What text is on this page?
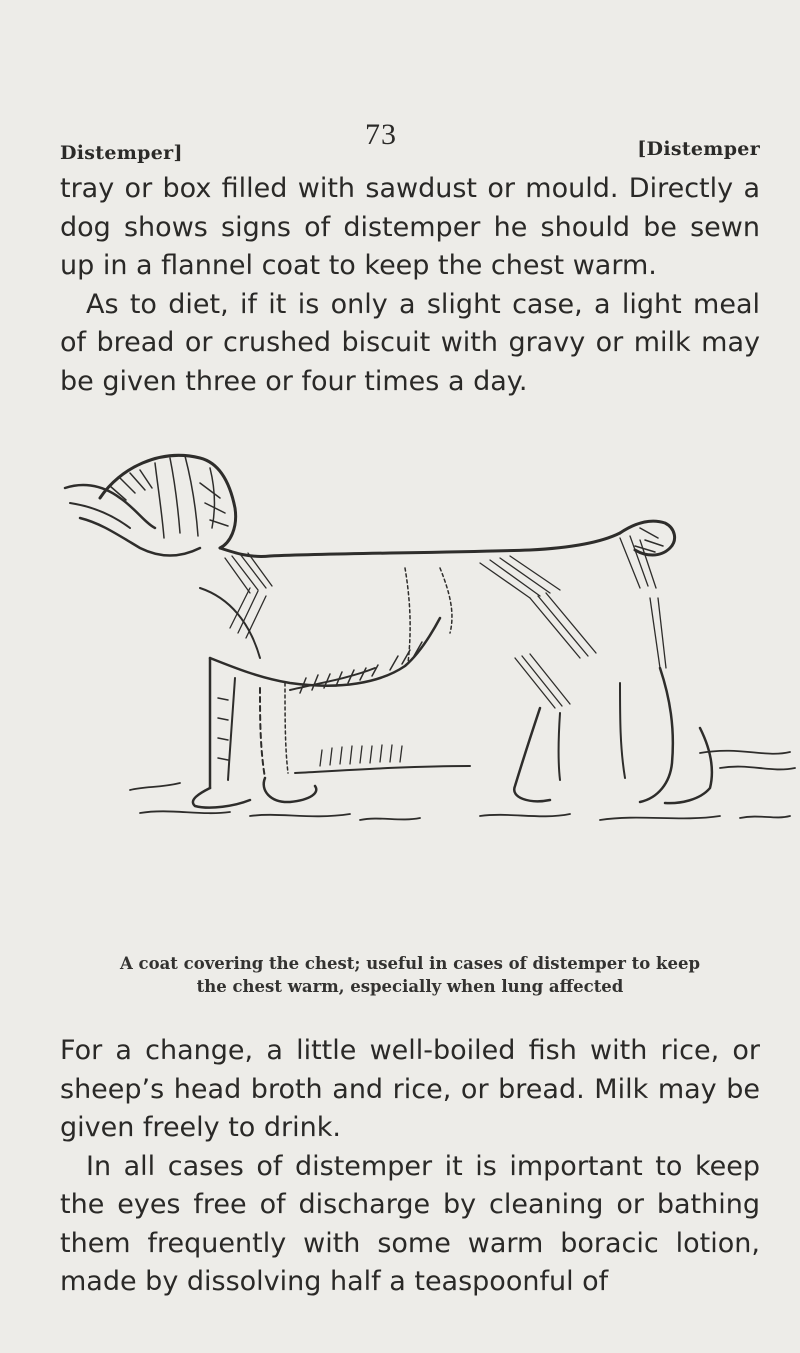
Distemper]
73	[Distemper

tray or box filled with sawdust or mould. Directly a dog shows signs of distemper he should be sewn up in a flannel coat to keep the chest warm.

As to diet, if it is only a slight case, a light meal of bread or crushed biscuit with gravy or milk may be given three or four times a day.

A coat covering the chest; useful in cases of distemper to keep
the chest warm, especially when lung affected

For a change, a little well-boiled fish with rice, or sheep’s head broth and rice, or bread. Milk may be given freely to drink.

In all cases of distemper it is important to keep the eyes free of discharge by cleaning or bathing them frequently with some warm boracic lotion, made by dissolving half a teaspoonful of
